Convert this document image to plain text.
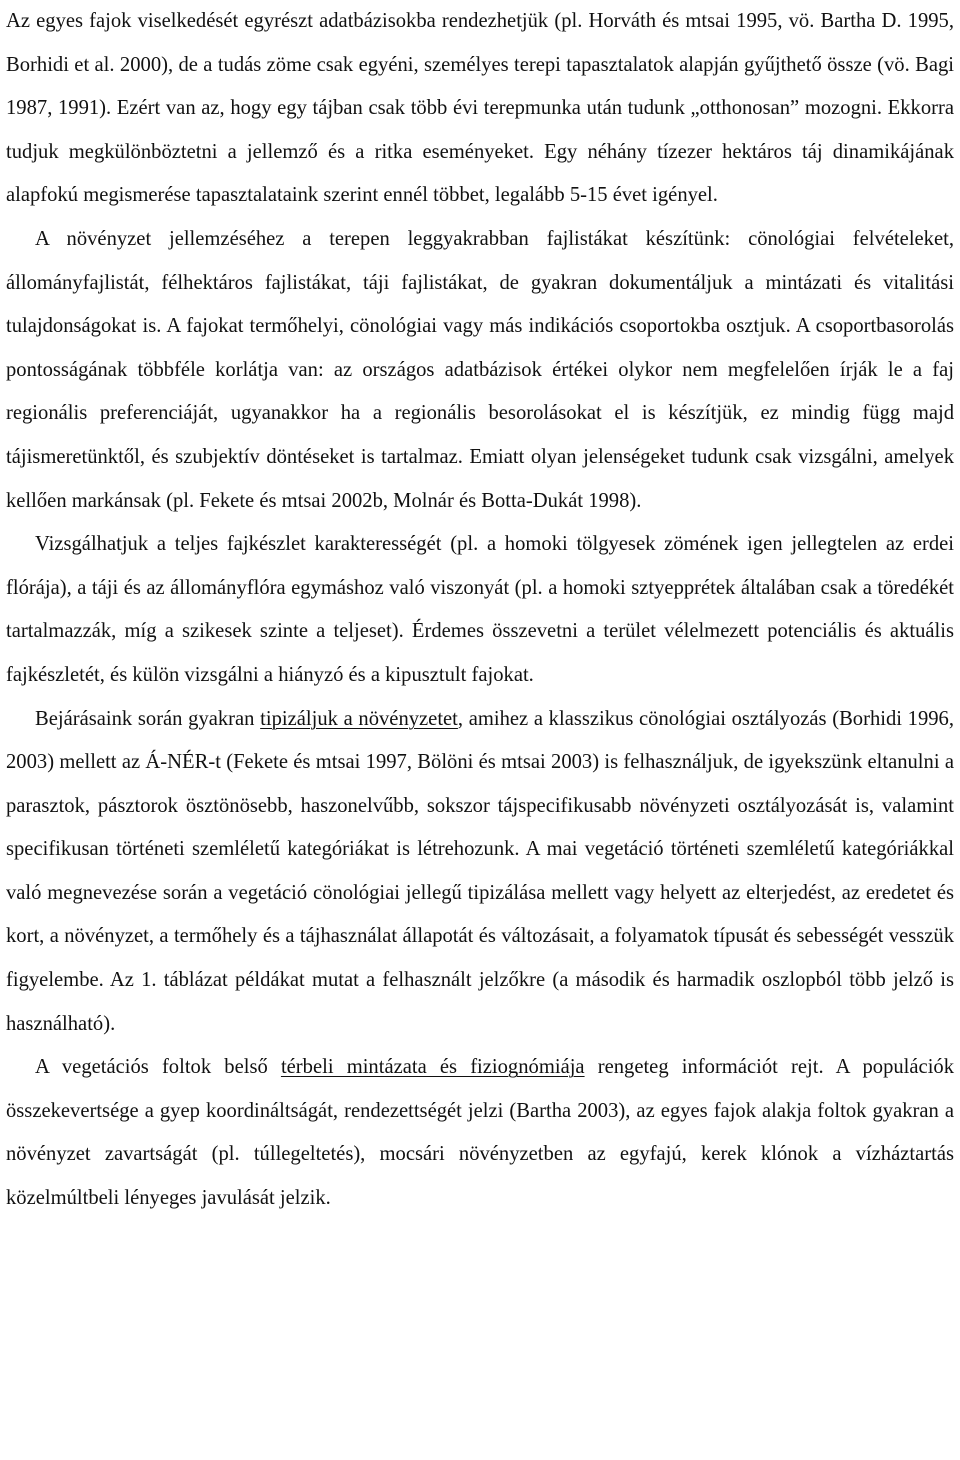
Az egyes fajok viselkedését egyrészt adatbázisokba rendezhetjük (pl. Horváth és mtsai 1995, vö. Bartha D. 1995, Borhidi et al. 2000), de a tudás zöme csak egyéni, személyes terepi tapasztalatok alapján gyűjthető össze (vö. Bagi 1987, 1991). Ezért van az, hogy egy tájban csak több évi terepmunka után tudunk „otthonosan” mozogni. Ekkorra tudjuk megkülönböztetni a jellemző és a ritka eseményeket. Egy néhány tízezer hektáros táj dinamikájának alapfokú megismerése tapasztalataink szerint ennél többet, legalább 5-15 évet igényel.

A növényzet jellemzéséhez a terepen leggyakrabban fajlistákat készítünk: cönológiai felvételeket, állományfajlistát, félhektáros fajlistákat, táji fajlistákat, de gyakran dokumentáljuk a mintázati és vitalitási tulajdonságokat is. A fajokat termőhelyi, cönológiai vagy más indikációs csoportokba osztjuk. A csoportbasorolás pontosságának többféle korlátja van: az országos adatbázisok értékei olykor nem megfelelően írják le a faj regionális preferenciáját, ugyanakkor ha a regionális besorolásokat el is készítjük, ez mindig függ majd tájismeretünktől, és szubjektív döntéseket is tartalmaz. Emiatt olyan jelenségeket tudunk csak vizsgálni, amelyek kellően markánsak (pl. Fekete és mtsai 2002b, Molnár és Botta-Dukát 1998).

Vizsgálhatjuk a teljes fajkészlet karakterességét (pl. a homoki tölgyesek zömének igen jellegtelen az erdei flórája), a táji és az állományflóra egymáshoz való viszonyát (pl. a homoki sztyepprétek általában csak a töredékét tartalmazzák, míg a szikesek szinte a teljeset). Érdemes összevetni a terület vélelmezett potenciális és aktuális fajkészletét, és külön vizsgálni a hiányzó és a kipusztult fajokat.

Bejárásaink során gyakran tipizáljuk a növényzetet, amihez a klasszikus cönológiai osztályozás (Borhidi 1996, 2003) mellett az Á-NÉR-t (Fekete és mtsai 1997, Bölöni és mtsai 2003) is felhasználjuk, de igyekszünk eltanulni a parasztok, pásztorok ösztönösebb, haszonelvűbb, sokszor tájspecifikusabb növényzeti osztályozását is, valamint specifikusan történeti szemléletű kategóriákat is létrehozunk. A mai vegetáció történeti szemléletű kategóriákkal való megnevezése során a vegetáció cönológiai jellegű tipizálása mellett vagy helyett az elterjedést, az eredetet és kort, a növényzet, a termőhely és a tájhasználat állapotát és változásait, a folyamatok típusát és sebességét vesszük figyelembe. Az 1. táblázat példákat mutat a felhasznált jelzőkre (a második és harmadik oszlopból több jelző is használható).

A vegetációs foltok belső térbeli mintázata és fiziognómiája rengeteg információt rejt. A populációk összekevertsége a gyep koordináltságát, rendezettségét jelzi (Bartha 2003), az egyes fajok alakja foltok gyakran a növényzet zavartságát (pl. túllegeltetés), mocsári növényzetben az egyfajú, kerek klónok a vízháztartás közelmúltbeli lényeges javulását jelzik.
